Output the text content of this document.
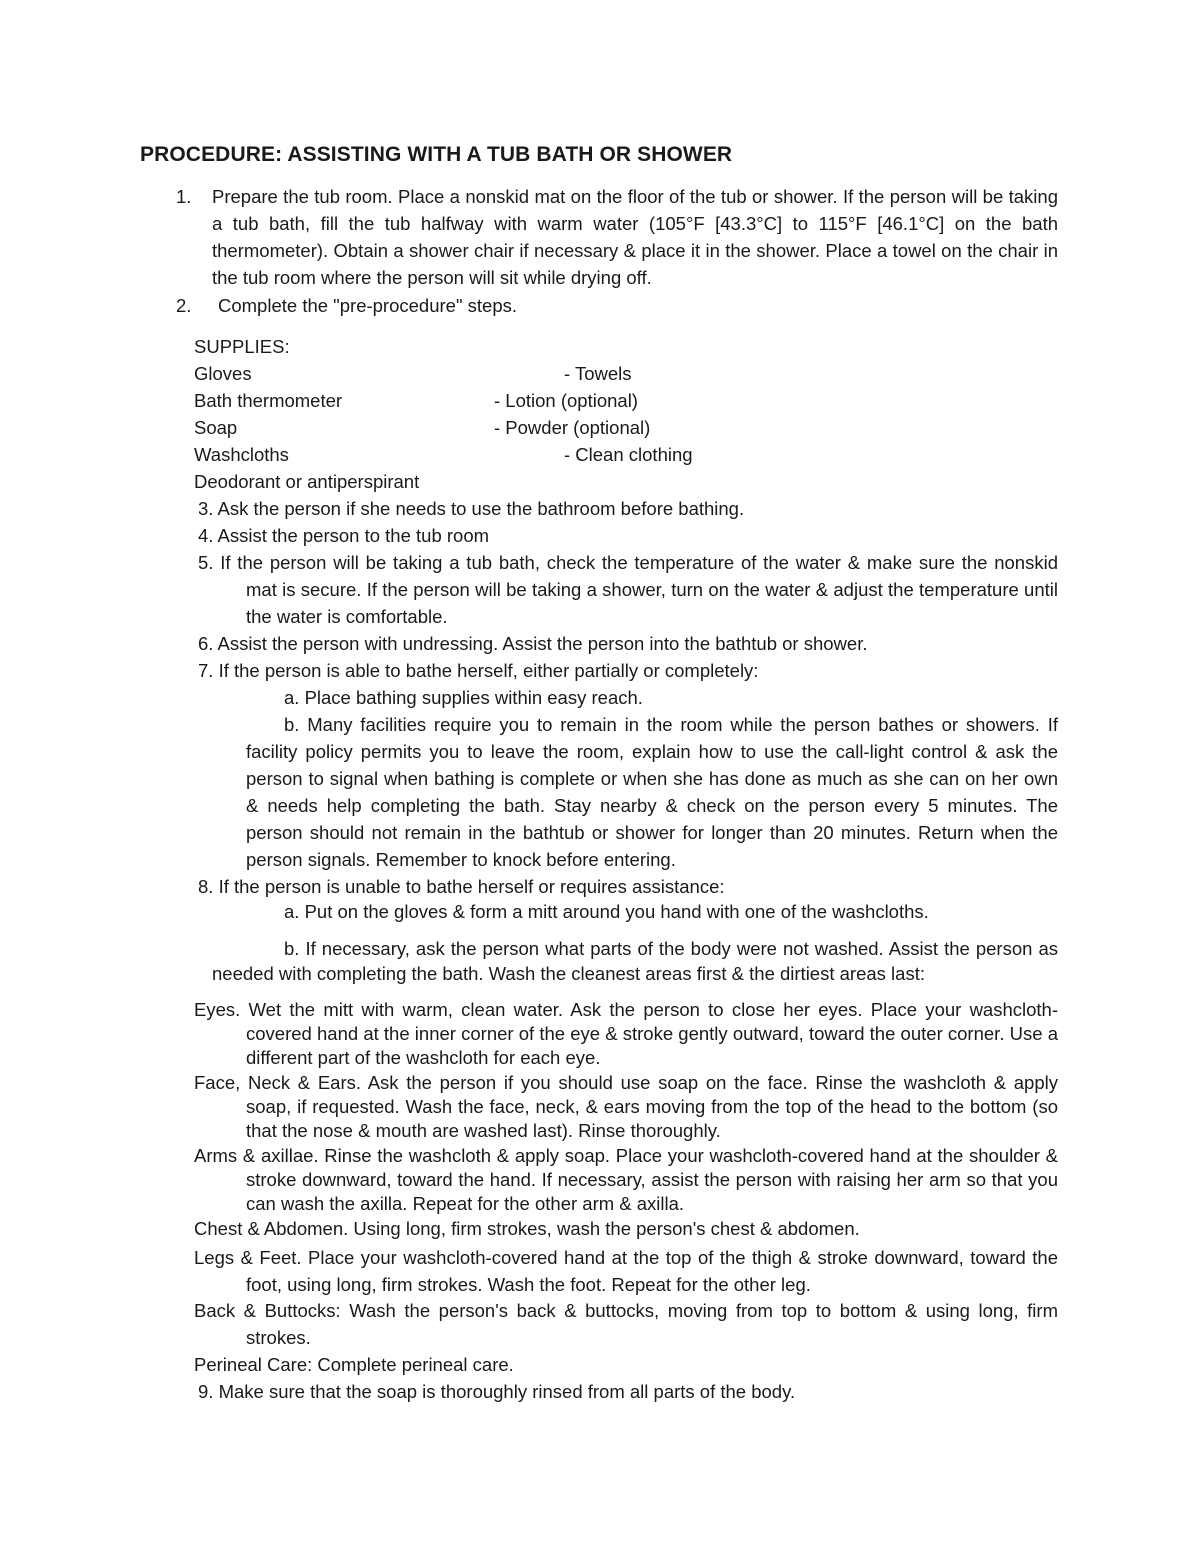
PROCEDURE: ASSISTING WITH A TUB BATH OR SHOWER
1. Prepare the tub room. Place a nonskid mat on the floor of the tub or shower. If the person will be taking a tub bath, fill the tub halfway with warm water (105°F [43.3°C] to 115°F [46.1°C] on the bath thermometer). Obtain a shower chair if necessary & place it in the shower. Place a towel on the chair in the tub room where the person will sit while drying off.
2. Complete the "pre-procedure" steps.
SUPPLIES:
Gloves
Bath thermometer
Soap
Washcloths
Deodorant or antiperspirant
- Towels
- Lotion (optional)
- Powder (optional)
- Clean clothing
3. Ask the person if she needs to use the bathroom before bathing.
4. Assist the person to the tub room
5. If the person will be taking a tub bath, check the temperature of the water & make sure the nonskid mat is secure. If the person will be taking a shower, turn on the water & adjust the temperature until the water is comfortable.
6. Assist the person with undressing. Assist the person into the bathtub or shower.
7. If the person is able to bathe herself, either partially or completely:
a. Place bathing supplies within easy reach.
b. Many facilities require you to remain in the room while the person bathes or showers. If facility policy permits you to leave the room, explain how to use the call-light control & ask the person to signal when bathing is complete or when she has done as much as she can on her own & needs help completing the bath. Stay nearby & check on the person every 5 minutes. The person should not remain in the bathtub or shower for longer than 20 minutes. Return when the person signals. Remember to knock before entering.
8. If the person is unable to bathe herself or requires assistance:
a. Put on the gloves & form a mitt around you hand with one of the washcloths.
b. If necessary, ask the person what parts of the body were not washed. Assist the person as needed with completing the bath. Wash the cleanest areas first & the dirtiest areas last:
Eyes. Wet the mitt with warm, clean water. Ask the person to close her eyes. Place your washcloth-covered hand at the inner corner of the eye & stroke gently outward, toward the outer corner. Use a different part of the washcloth for each eye.
Face, Neck & Ears. Ask the person if you should use soap on the face. Rinse the washcloth & apply soap, if requested. Wash the face, neck, & ears moving from the top of the head to the bottom (so that the nose & mouth are washed last). Rinse thoroughly.
Arms & axillae. Rinse the washcloth & apply soap. Place your washcloth-covered hand at the shoulder & stroke downward, toward the hand. If necessary, assist the person with raising her arm so that you can wash the axilla. Repeat for the other arm & axilla.
Chest & Abdomen. Using long, firm strokes, wash the person's chest & abdomen.
Legs & Feet. Place your washcloth-covered hand at the top of the thigh & stroke downward, toward the foot, using long, firm strokes. Wash the foot. Repeat for the other leg.
Back & Buttocks: Wash the person's back & buttocks, moving from top to bottom & using long, firm strokes.
Perineal Care: Complete perineal care.
9. Make sure that the soap is thoroughly rinsed from all parts of the body.
